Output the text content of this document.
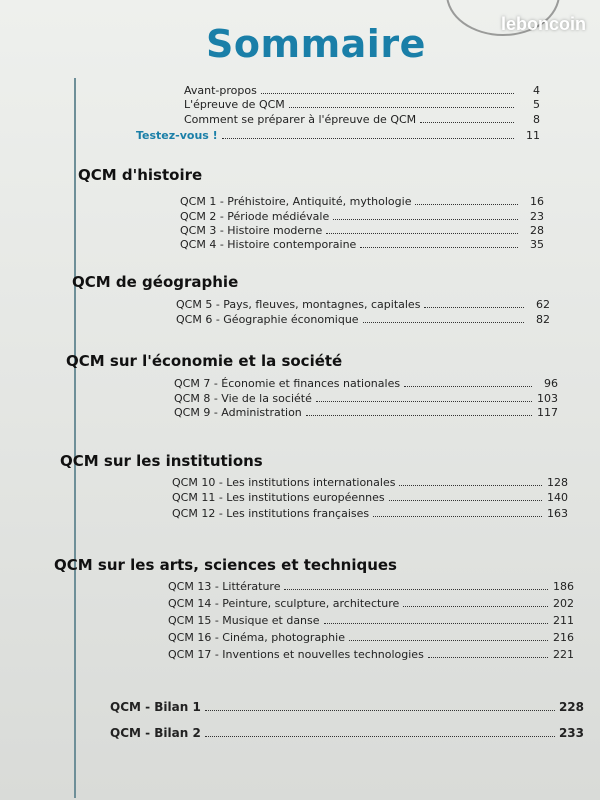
leboncoin
Sommaire
Avant-propos	4
L'épreuve de QCM	5
Comment se préparer à l'épreuve de QCM	8
Testez-vous !	11
QCM d'histoire
QCM 1 - Préhistoire, Antiquité, mythologie	16
QCM 2 - Période médiévale	23
QCM 3 - Histoire moderne	28
QCM 4 - Histoire contemporaine	35
QCM de géographie
QCM 5 - Pays, fleuves, montagnes, capitales	62
QCM 6 - Géographie économique	82
QCM sur l'économie et la société
QCM 7 - Économie et finances nationales	96
QCM 8 - Vie de la société	103
QCM 9 - Administration	117
QCM sur les institutions
QCM 10 - Les institutions internationales	128
QCM 11 - Les institutions européennes	140
QCM 12 - Les institutions françaises	163
QCM sur les arts, sciences et techniques
QCM 13 - Littérature	186
QCM 14 - Peinture, sculpture, architecture	202
QCM 15 - Musique et danse	211
QCM 16 - Cinéma, photographie	216
QCM 17 - Inventions et nouvelles technologies	221
QCM - Bilan 1	228
QCM - Bilan 2	233
